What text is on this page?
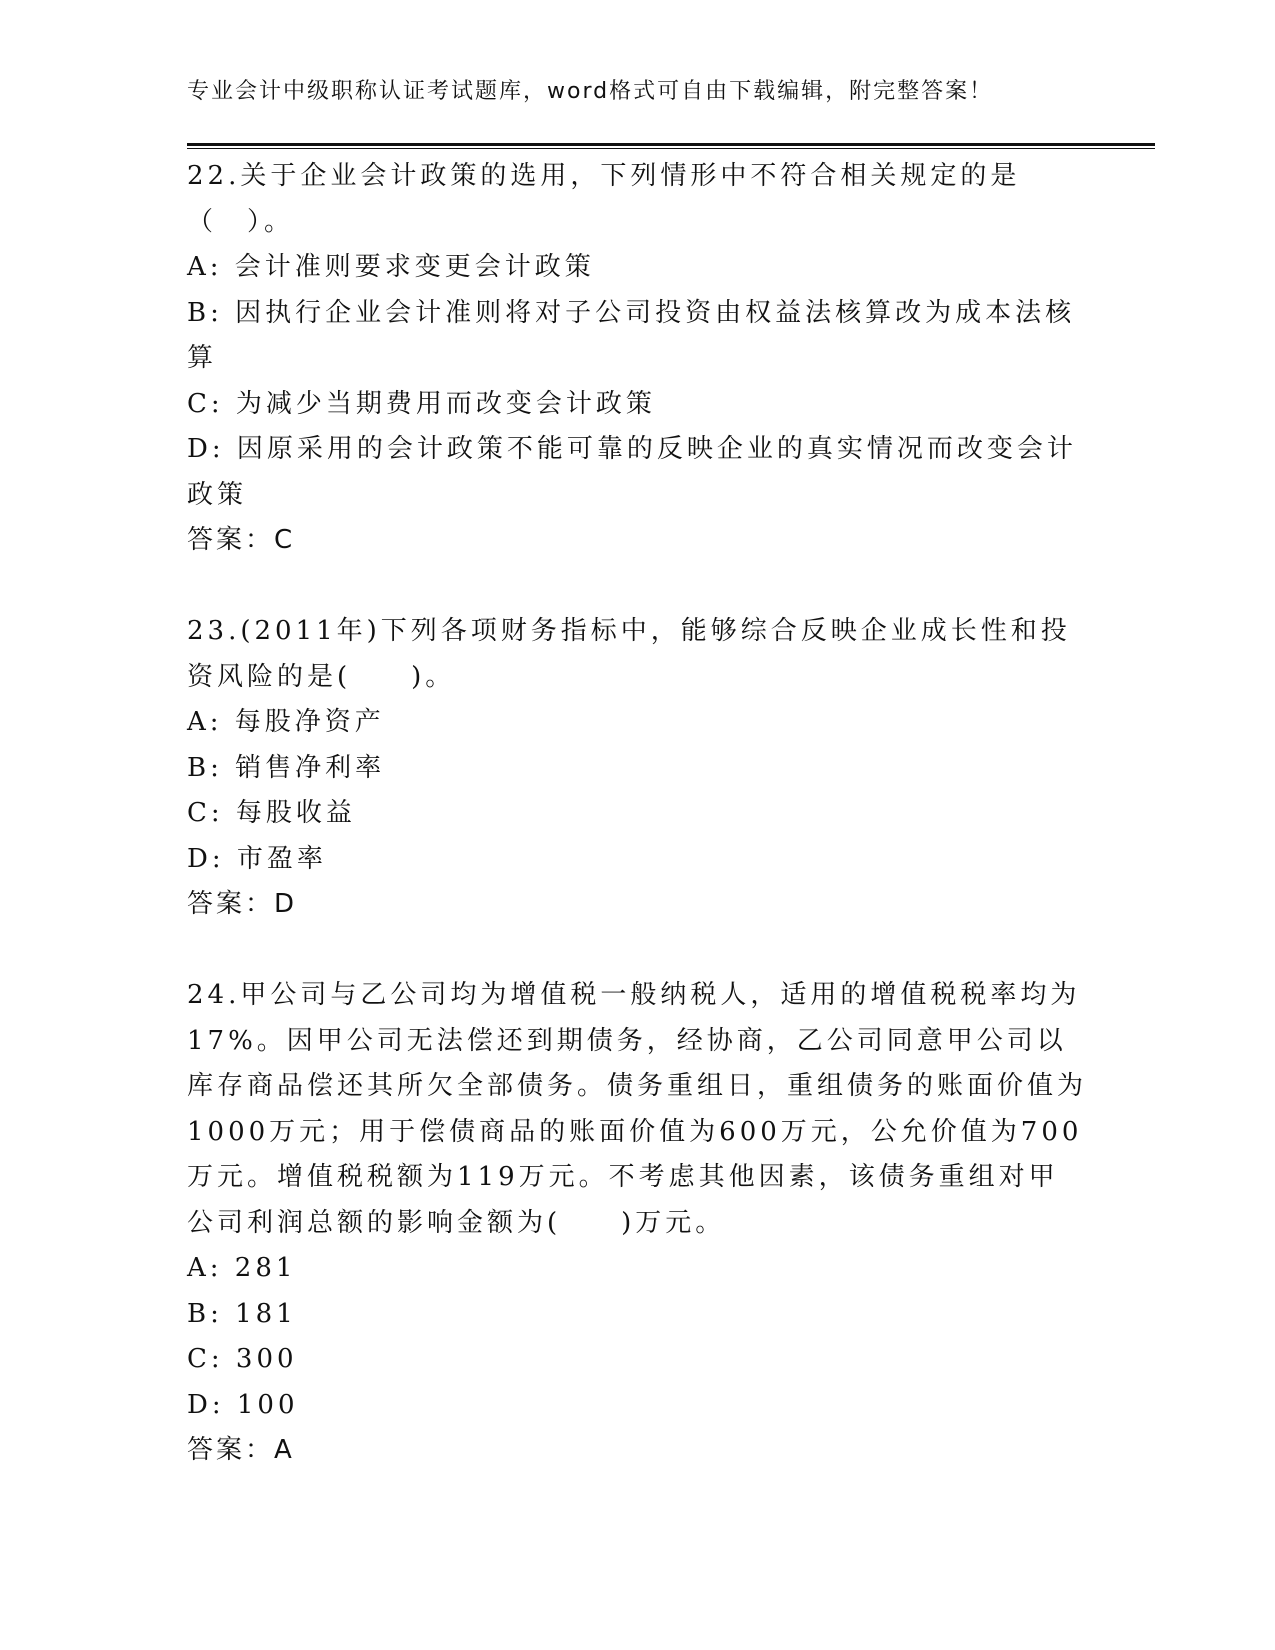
专业会计中级职称认证考试题库，word格式可自由下载编辑，附完整答案！

22.关于企业会计政策的选用，下列情形中不符合相关规定的是（　）。

A: 会计准则要求变更会计政策

B: 因执行企业会计准则将对子公司投资由权益法核算改为成本法核算

C: 为减少当期费用而改变会计政策

D: 因原采用的会计政策不能可靠的反映企业的真实情况而改变会计政策

答案：C

23.(2011年)下列各项财务指标中，能够综合反映企业成长性和投资风险的是(　　)。

A: 每股净资产

B: 销售净利率

C: 每股收益

D: 市盈率

答案：D

24.甲公司与乙公司均为增值税一般纳税人，适用的增值税税率均为17%。因甲公司无法偿还到期债务，经协商，乙公司同意甲公司以库存商品偿还其所欠全部债务。债务重组日，重组债务的账面价值为1000万元；用于偿债商品的账面价值为600万元，公允价值为700万元。增值税税额为119万元。不考虑其他因素，该债务重组对甲公司利润总额的影响金额为(　　)万元。

A: 281

B: 181

C: 300

D: 100

答案：A
